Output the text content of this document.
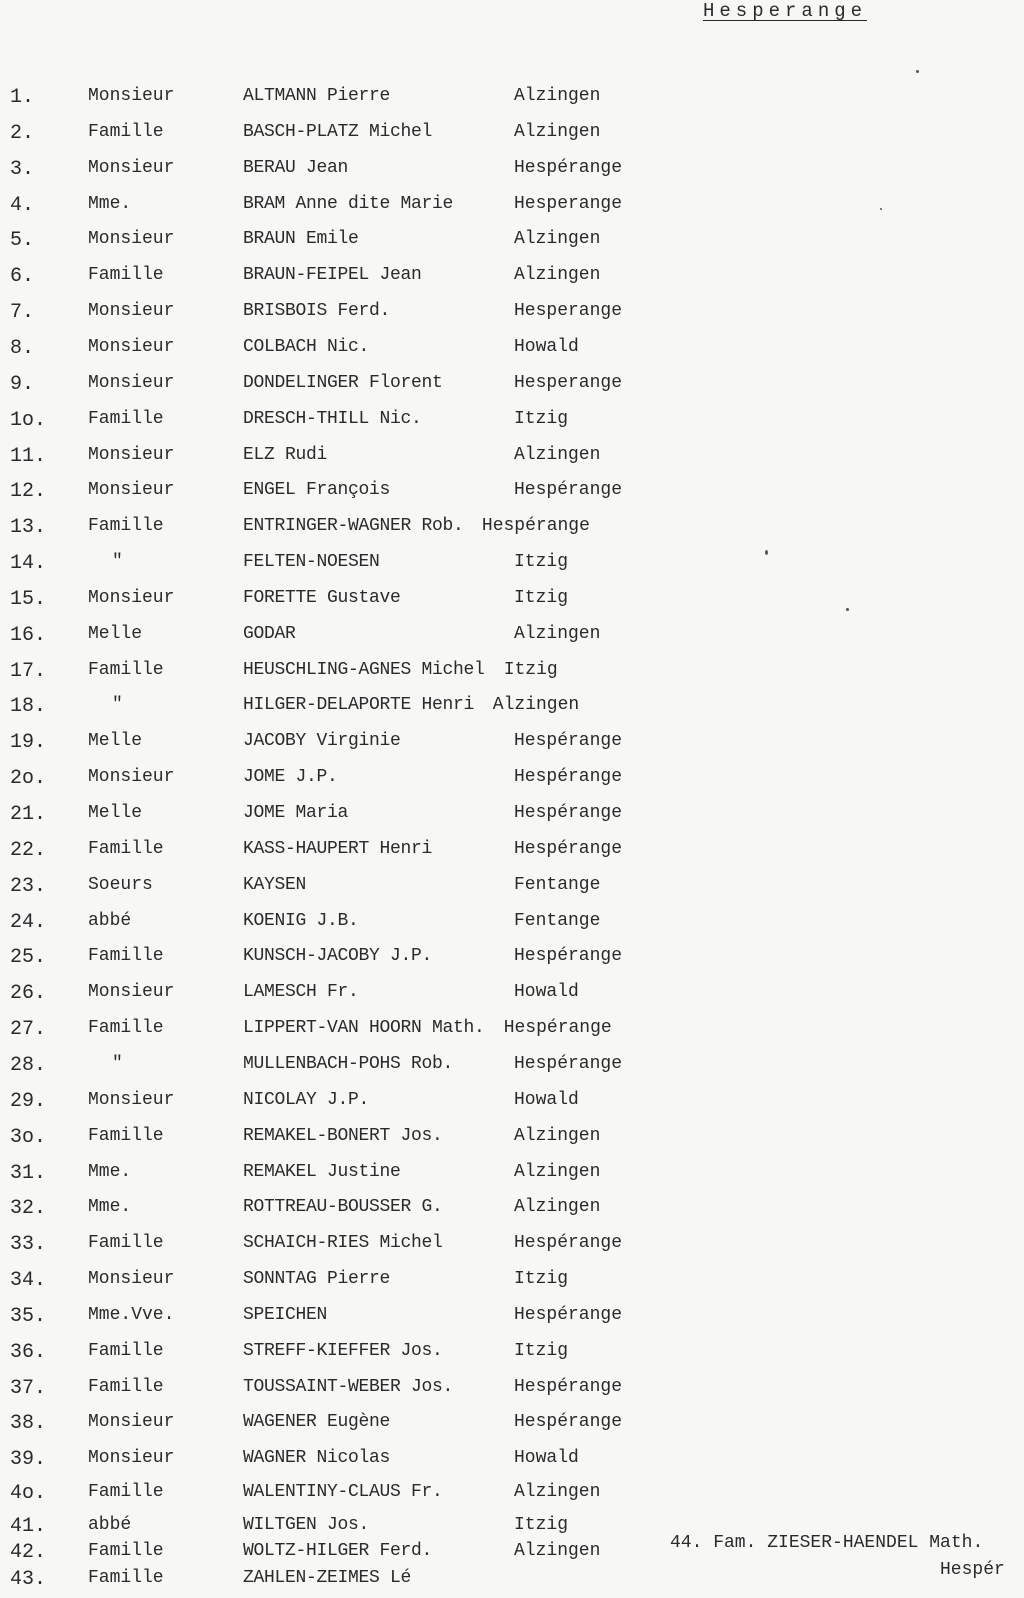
Hesperange
1.	Monsieur	ALTMANN Pierre	Alzingen
2.	Famille	BASCH-PLATZ Michel	Alzingen
3.	Monsieur	BERAU Jean	Hespérange
4.	Mme.	BRAM Anne dite Marie	Hesperange
5.	Monsieur	BRAUN Emile	Alzingen
6.	Famille	BRAUN-FEIPEL Jean	Alzingen
7.	Monsieur	BRISBOIS Ferd.	Hesperange
8.	Monsieur	COLBACH Nic.	Howald
9.	Monsieur	DONDELINGER Florent	Hesperange
1o. Famille	DRESCH-THILL Nic.	Itzig
11. Monsieur	ELZ Rudi	Alzingen
12. Monsieur	ENGEL François	Hespérange
13. Famille	ENTRINGER-WAGNER Rob. Hespérange
14.	"	FELTEN-NOESEN	Itzig
15. Monsieur	FORETTE Gustave	Itzig
16. Melle	GODAR	Alzingen
17. Famille	HEUSCHLING-AGNES Michel Itzig
18.	"	HILGER-DELAPORTE Henri Alzingen
19. Melle	JACOBY Virginie	Hespérange
2o. Monsieur	JOME J.P.	Hespérange
21. Melle	JOME Maria	Hespérange
22. Famille	KASS-HAUPERT Henri	Hespérange
23. Soeurs	KAYSEN	Fentange
24. abbé	KOENIG J.B.	Fentange
25. Famille	KUNSCH-JACOBY J.P.	Hespérange
26. Monsieur	LAMESCH Fr.	Howald
27. Famille	LIPPERT-VAN HOORN Math. Hespérange
28.	"	MULLENBACH-POHS Rob.	Hespérange
29. Monsieur	NICOLAY J.P.	Howald
3o. Famille	REMAKEL-BONERT Jos.	Alzingen
31. Mme.	REMAKEL Justine	Alzingen
32. Mme.	ROTTREAU-BOUSSER G.	Alzingen
33. Famille	SCHAICH-RIES Michel	Hespérange
34. Monsieur	SONNTAG Pierre	Itzig
35. Mme.Vve.	SPEICHEN	Hespérange
36. Famille	STREFF-KIEFFER Jos.	Itzig
37. Famille	TOUSSAINT-WEBER Jos.	Hespérange
38. Monsieur	WAGENER Eugène	Hespérange
39. Monsieur	WAGNER Nicolas	Howald
4o. Famille	WALENTINY-CLAUS Fr.	Alzingen
41. abbé	WILTGEN Jos.	Itzig
42. Famille	WOLTZ-HILGER Ferd.	Alzingen
43. Famille	ZAHLEN-ZEIMES Lé
44. Fam. ZIESER-HAENDEL Math.
Hespér
